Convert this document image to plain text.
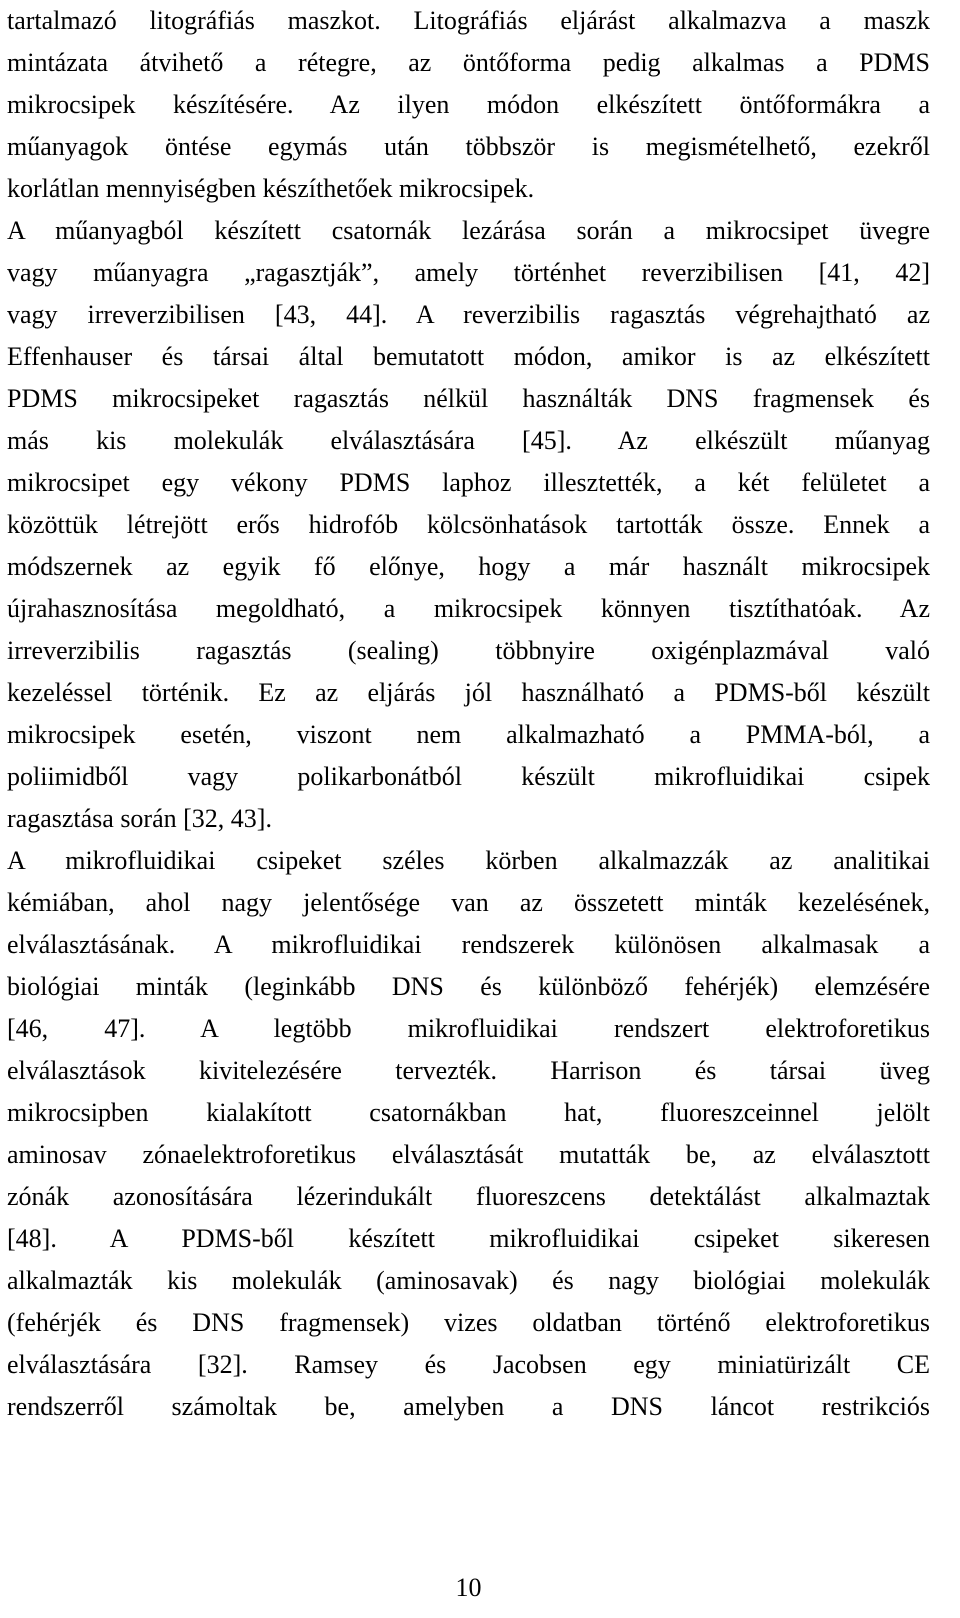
tartalmazó litográfiás maszkot. Litográfiás eljárást alkalmazva a maszk
mintázata átvihető a rétegre, az öntőforma pedig alkalmas a PDMS
mikrocsipek készítésére. Az ilyen módon elkészített öntőformákra a
műanyagok öntése egymás után többször is megismételhető, ezekről
korlátlan mennyiségben készíthetőek mikrocsipek.
A műanyagból készített csatornák lezárása során a mikrocsipet üvegre
vagy műanyagra „ragasztják”, amely történhet reverzibilisen [41, 42]
vagy irreverzibilisen [43, 44]. A reverzibilis ragasztás végrehajtható az
Effenhauser és társai által bemutatott módon, amikor is az elkészített
PDMS mikrocsipeket ragasztás nélkül használták DNS fragmensek és
más kis molekulák elválasztására [45]. Az elkészült műanyag
mikrocsipet egy vékony PDMS laphoz illesztették, a két felületet a
közöttük létrejött erős hidrofób kölcsönhatások tartották össze. Ennek a
módszernek az egyik fő előnye, hogy a már használt mikrocsipek
újrahasznosítása megoldható, a mikrocsipek könnyen tisztíthatóak. Az
irreverzibilis ragasztás (sealing) többnyire oxigénplazmával való
kezeléssel történik. Ez az eljárás jól használható a PDMS-ből készült
mikrocsipek esetén, viszont nem alkalmazható a PMMA-ból, a
poliimidből vagy polikarbonátból készült mikrofluidikai csipek
ragasztása során [32, 43].
A mikrofluidikai csipeket széles körben alkalmazzák az analitikai
kémiában, ahol nagy jelentősége van az összetett minták kezelésének,
elválasztásának. A mikrofluidikai rendszerek különösen alkalmasak a
biológiai minták (leginkább DNS és különböző fehérjék) elemzésére
[46, 47]. A legtöbb mikrofluidikai rendszert elektroforetikus
elválasztások kivitelezésére tervezték. Harrison és társai üveg
mikrocsipben kialakított csatornákban hat, fluoreszceinnel jelölt
aminosav zónaelektroforetikus elválasztását mutatták be, az elválasztott
zónák azonosítására lézerindukált fluoreszcens detektálást alkalmaztak
[48]. A PDMS-ből készített mikrofluidikai csipeket sikeresen
alkalmazták kis molekulák (aminosavak) és nagy biológiai molekulák
(fehérjék és DNS fragmensek) vizes oldatban történő elektroforetikus
elválasztására [32]. Ramsey és Jacobsen egy miniatürizált CE
rendszerről számoltak be, amelyben a DNS láncot restrikciós
10
